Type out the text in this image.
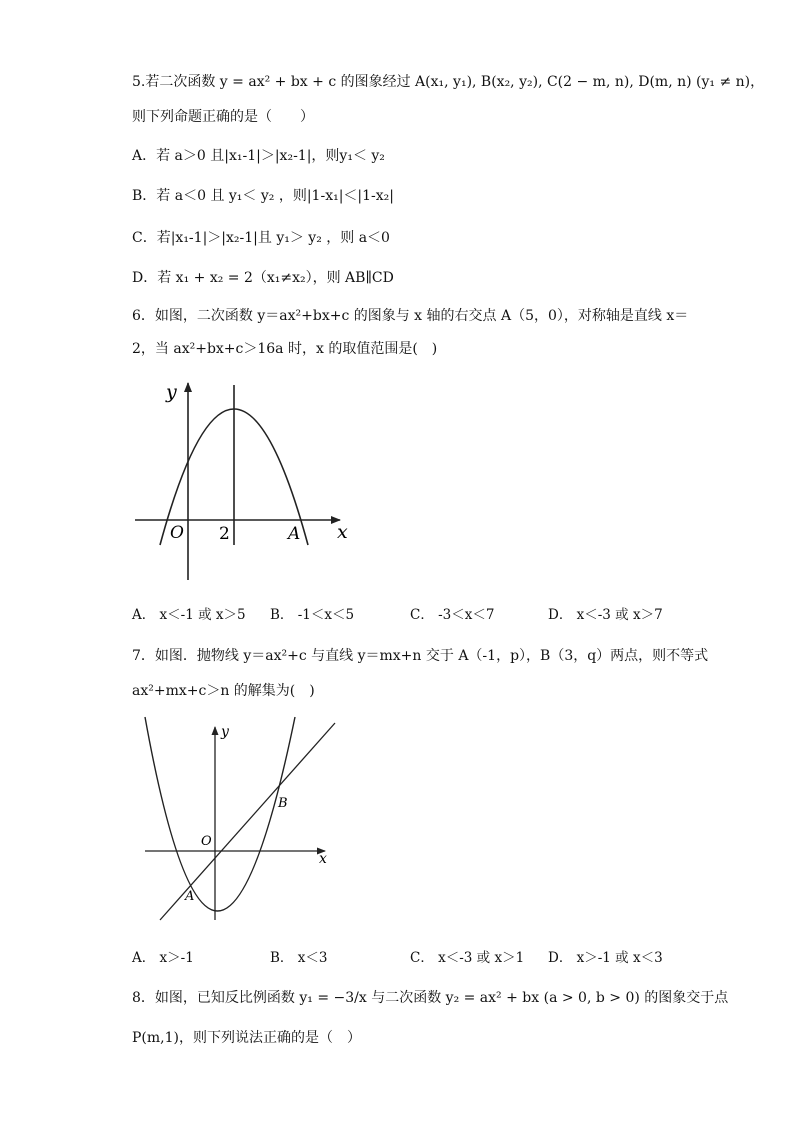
5.若二次函数 y = ax² + bx + c 的图象经过 A(x₁, y₁), B(x₂, y₂), C(2 − m, n), D(m, n) (y₁ ≠ n)，
则下列命题正确的是（　　）
A．若 a＞0 且|x₁-1|＞|x₂-1|，则y₁＜ y₂
B．若 a＜0 且 y₁＜ y₂ ，则|1-x₁|＜|1-x₂|
C．若|x₁-1|＞|x₂-1|且 y₁＞ y₂ ，则 a＜0
D．若 x₁ + x₂ = 2（x₁≠x₂），则 AB∥CD
6．如图，二次函数 y＝ax²+bx+c 的图象与 x 轴的右交点 A（5，0），对称轴是直线 x＝
2，当 ax²+bx+c＞16a 时，x 的取值范围是(　)
y
x
O 2	A
A． x＜-1 或 x＞5 B． -1＜x＜5	C． -3＜x＜7	D． x＜-3 或 x＞7
7．如图．抛物线 y＝ax²+c 与直线 y＝mx+n 交于 A（-1，p），B（3，q）两点，则不等式
ax²+mx+c＞n 的解集为(　)
y
x
O
A
B
A． x＞-1	B． x＜3	C． x＜-3 或 x＞1 D． x＞-1 或 x＜3
8．如图，已知反比例函数 y₁ = −3/x 与二次函数 y₂ = ax² + bx (a > 0, b > 0) 的图象交于点
P(m,1)，则下列说法正确的是（　）
